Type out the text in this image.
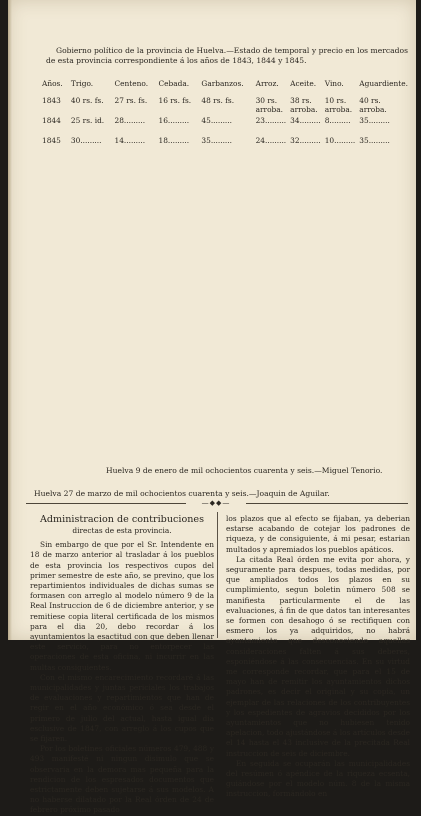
Gobierno político de la provincia de Huelva.—Estado de temporal y precio en los mercados de esta provincia correspondiente á los años de 1843, 1844 y 1845.
Años.	Trigo.	Centeno.	Cebada.	Garbanzos.	Arroz.	Aceite.	Vino.	Aguardiente.
1843	40 rs. fs.	27 rs. fs.	16 rs. fs.	48 rs. fs.	30 rs. arroba.	38 rs. arroba.	10 rs. arroba.	40 rs. arroba.
1844	25 rs. id.	28.........	16.........	45.........	23.........	34.........	8.........	35.........
1845	30.........	14.........	18.........	35.........	24.........	32.........	10.........	35.........
Huelva 9 de enero de mil ochocientos cuarenta y seis.—Miguel Tenorio.
Huelva 27 de marzo de mil ochocientos cuarenta y seis.—Joaquin de Aguilar.
—◆◆—
Administracion de contribuciones

directas de esta provincia.

Sin embargo de que por el Sr. Intendente en 18 de marzo anterior al trasladar á los pueblos de esta provincia los respectivos cupos del primer semestre de este año, se previno, que los repartimientos individuales de dichas sumas se formasen con arreglo al modelo número 9 de la Real Instruccion de 6 de diciembre anterior, y se remitiese copia literal certificada de los mismos para el dia 20, debo recordar á los ayuntamientos la esactitud con que deben llenar este servicio, para no entorpecer las operaciones de esta oficina, ni incurrir en las multas consiguientes.

Con el mismo encarecimiento recordaré á las municipalidades y juntas periciales los trabajos de evaluaciones y repartimientos que han de regir en el año económico ó sea desde el primero de julio del actual, hasta igual dia esclusive de 1847, con arreglo á los cupos que se fijaren.

Por los boletines oficiales números 479, 488 y 493 manifesté ni ningun disimulo que se observaria en la demora mas pequeña para la rendicion de los espresados documentos que estrictamente deben sujetarse á sus modelos. A no haberse dilatado por la Real órden de 24 de febrero próximo pasado

los plazos que al efecto se fijaban, ya deberian estarse acabando de cotejar los padrones de riqueza, y de consiguiente, á mi pesar, estarian multados y apremiados los pueblos apáticos.

La citada Real órden me evita por ahora, y seguramente para despues, todas medidas, por que ampliados todos los plazos en su cumplimiento, segun boletin número 508 se manifiesta particularmente el de las evaluaciones, á fin de que datos tan interesantes se formen con desahogo ó se rectifiquen con esmero los ya adquiridos, no habrá ayuntamiento que desconociendo aquellas consideraciones falten á sus deberes, esponiéndose á las consecuencias. En su virtud me corresponde recordar, que para el 15 de mayo han de remitir los ayuntamientos dichos padrones, es decir el original y su copia, un ejemplar de las relaciones de los contribuyentes y los espedientes de agravios decididos por los ayuntamientos que no hubiesen tenido apelacion, todo ajustándose á los artículos desde el 14 hasta el 43 inclusive de la precitada Real instruccion de seis de diciembre.

En seguida se ocuparán las municipalidades del resúmen ó apéndice de la riqueza ecsenta, guiándose por el modelo núm. 8 de la misma instruccion, formándolo en
